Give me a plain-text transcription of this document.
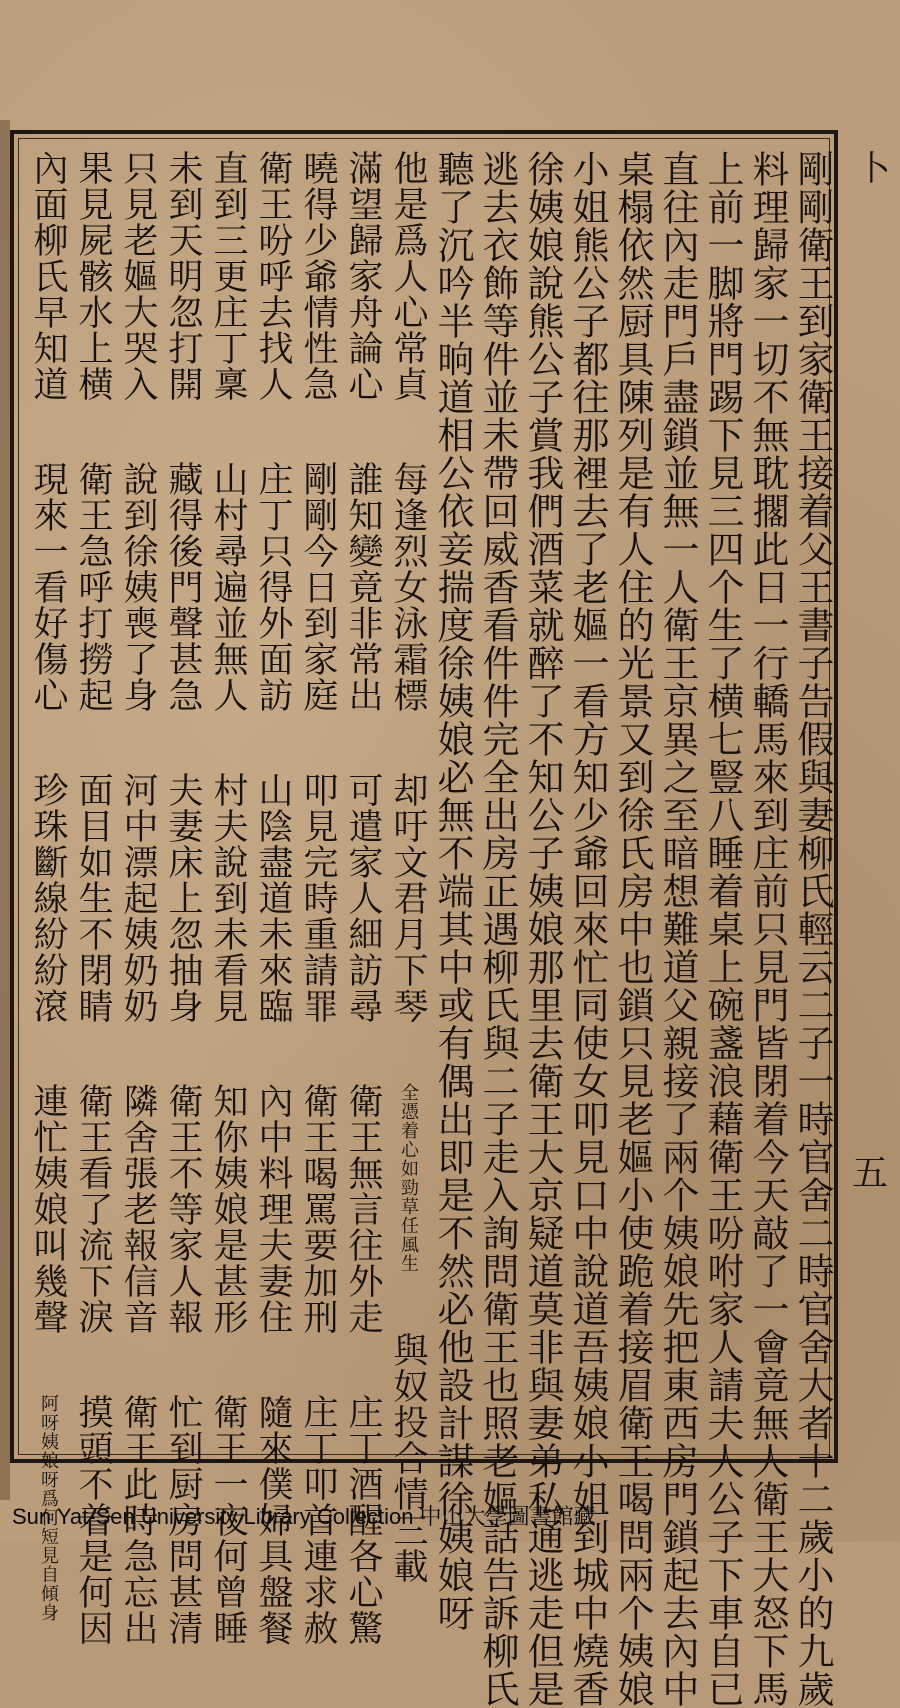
剛剛衛王到家衛王接着父王書子告假與妻柳氏輕云二子一時官舍二時官舍大者十二歲小的九歲
料理歸家一切不無耽擱此日一行轎馬來到庄前只見門皆閉着今天敲了一會竟無人衛王大怒下馬
上前一脚將門踢下見三四个生了横七豎八睡着桌上碗盞浪藉衛王吩咐家人請夫人公子下車自已
直往內走門戶盡鎖並無一人衛王京異之至暗想難道父親接了兩个姨娘先把東西房門鎖起去內中
桌榻依然厨具陳列是有人住的光景又到徐氏房中也鎖只見老嫗小使跪着接眉衛王喝問兩个姨娘
小姐熊公子都往那裡去了老嫗一看方知少爺回來忙同使女叩見口中說道吾姨娘小姐到城中燒香
徐姨娘說熊公子賞我們酒菜就醉了不知公子姨娘那里去衛王大京疑道莫非與妻弟私通逃走但是
逃去衣飾等件並未帶回威香看件件完全出房正遇柳氏與二子走入詢問衛王也照老嫗話告訴柳氏
聽了沉吟半晌道相公依妾揣度徐姨娘必無不端其中或有偶出即是不然必他設計謀徐姨娘呀
他是爲人心常貞 每逢烈女泳霜標 却吁文君月下琴 全憑着心如勁草任風生 與奴投合情三載
滿望歸家舟論心 誰知變竟非常出 可遣家人細訪尋 衛王無言往外走 庄丁酒醒各心驚
曉得少爺情性急 剛剛今日到家庭 叩見完時重請罪 衛王喝罵要加刑 庄丁叩首連求赦
衛王吩呼去找人 庄丁只得外面訪 山陰盡道未來臨 內中料理夫妻住 隨來僕婦具盤餐
直到三更庄丁稟 山村尋遍並無人 村夫說到未看見 知你姨娘是甚形 衛王一夜何曾睡
未到天明忽打開 藏得後門聲甚急 夫妻床上忽抽身 衛王不等家人報 忙到厨房問甚清
只見老嫗大哭入 說到徐姨喪了身 河中漂起姨奶奶 隣舍張老報信音 衛王此時急忘出
果見屍骸水上横 衛王急呼打撈起 面目如生不閉睛 衛王看了流下淚 摸頭不着是何因
內面柳氏早知道 現來一看好傷心 珍珠斷線紛紛滾 連忙姨娘叫幾聲 阿呀姨娘呀爲何短見自傾身
卜
五
Sun Yat-Sen University Library Collection 中山大學圖書館藏
